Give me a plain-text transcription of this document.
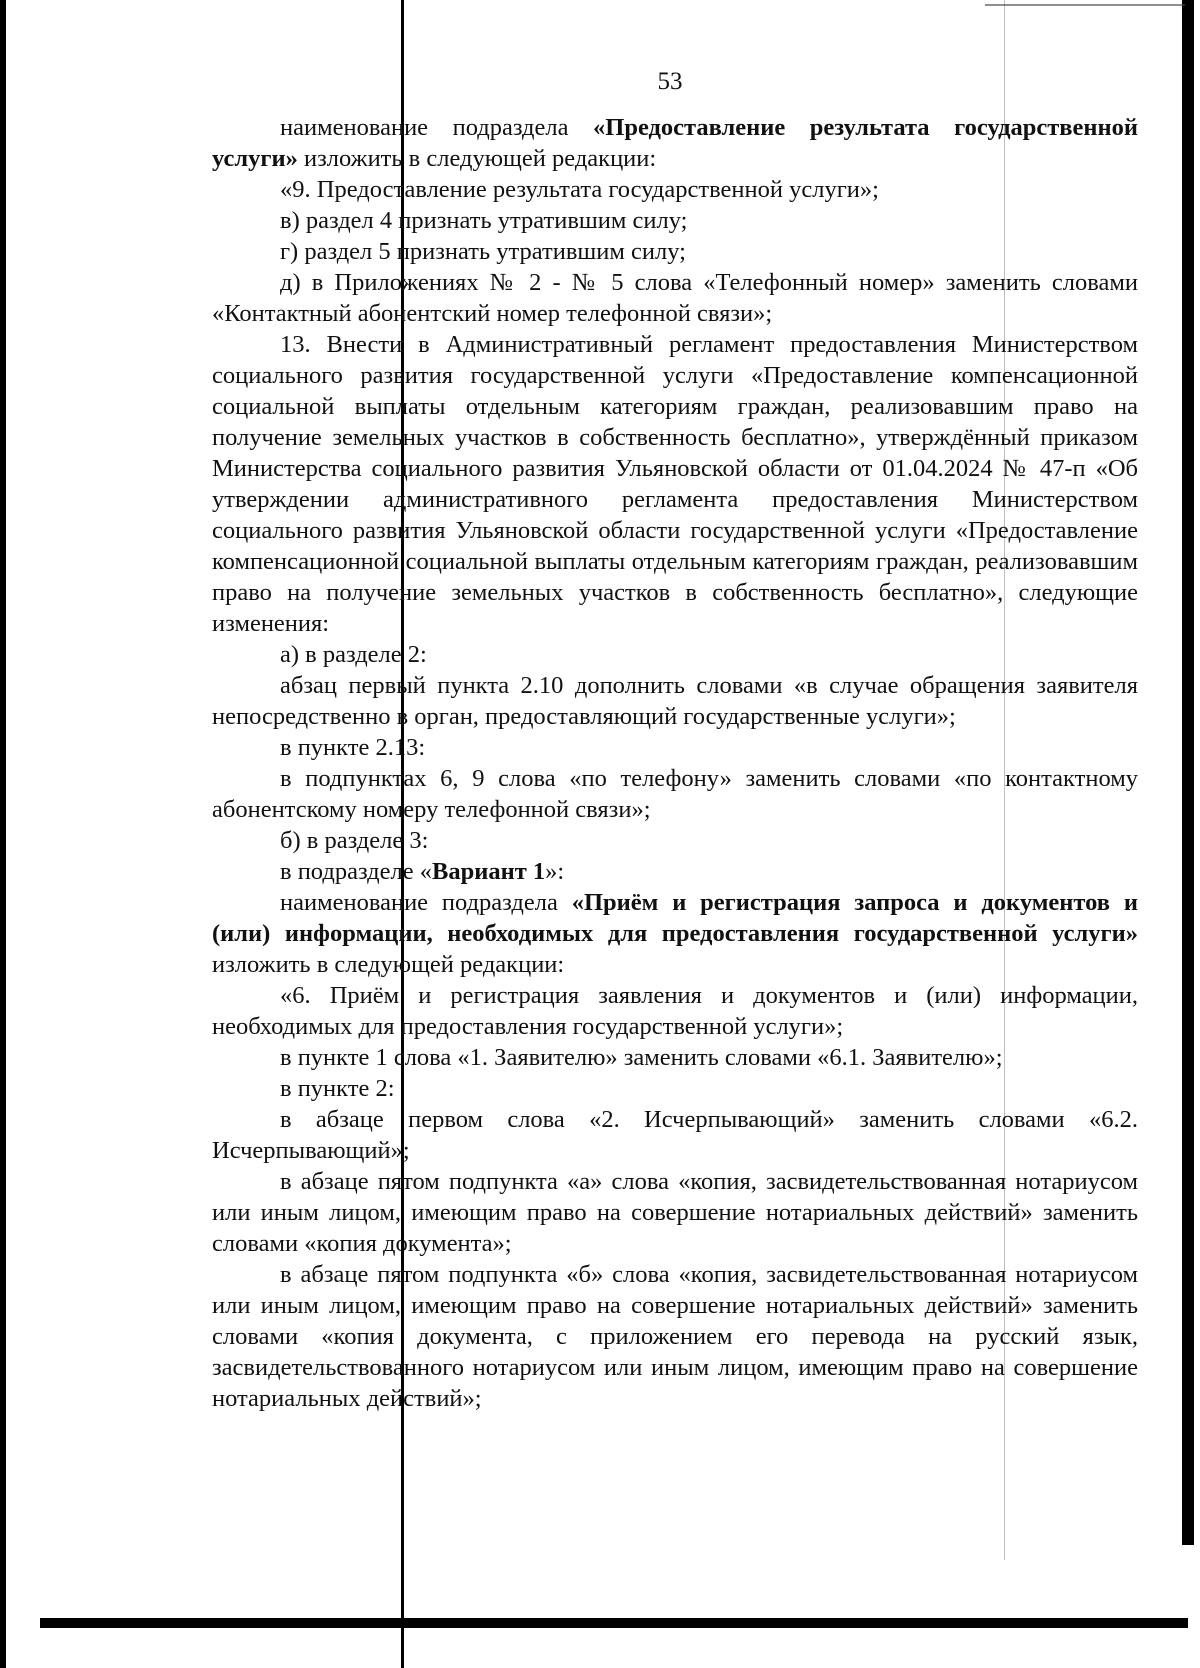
53

наименование подраздела «Предоставление результата государственной услуги» изложить в следующей редакции:

«9. Предоставление результата государственной услуги»;

в) раздел 4 признать утратившим силу;

г) раздел 5 признать утратившим силу;

д) в Приложениях № 2 - № 5 слова «Телефонный номер» заменить словами «Контактный абонентский номер телефонной связи»;

13. Внести в Административный регламент предоставления Министерством социального развития государственной услуги «Предоставление компенсационной социальной выплаты отдельным категориям граждан, реализовавшим право на получение земельных участков в собственность бесплатно», утверждённый приказом Министерства социального развития Ульяновской области от 01.04.2024 № 47-п «Об утверждении административного регламента предоставления Министерством социального развития Ульяновской области государственной услуги «Предоставление компенсационной социальной выплаты отдельным категориям граждан, реализовавшим право на получение земельных участков в собственность бесплатно», следующие изменения:

а) в разделе 2:

абзац первый пункта 2.10 дополнить словами «в случае обращения заявителя непосредственно в орган, предоставляющий государственные услуги»;

в пункте 2.13:

в подпунктах 6, 9 слова «по телефону» заменить словами «по контактному абонентскому номеру телефонной связи»;

б) в разделе 3:

в подразделе «Вариант 1»:

наименование подраздела «Приём и регистрация запроса и документов и (или) информации, необходимых для предоставления государственной услуги» изложить в следующей редакции:

«6. Приём и регистрация заявления и документов и (или) информации, необходимых для предоставления государственной услуги»;

в пункте 1 слова «1. Заявителю» заменить словами «6.1. Заявителю»;

в пункте 2:

в абзаце первом слова «2. Исчерпывающий» заменить словами «6.2. Исчерпывающий»;

в абзаце пятом подпункта «а» слова «копия, засвидетельствованная нотариусом или иным лицом, имеющим право на совершение нотариальных действий» заменить словами «копия документа»;

в абзаце пятом подпункта «б» слова «копия, засвидетельствованная нотариусом или иным лицом, имеющим право на совершение нотариальных действий» заменить словами «копия документа, с приложением его перевода на русский язык, засвидетельствованного нотариусом или иным лицом, имеющим право на совершение нотариальных действий»;
